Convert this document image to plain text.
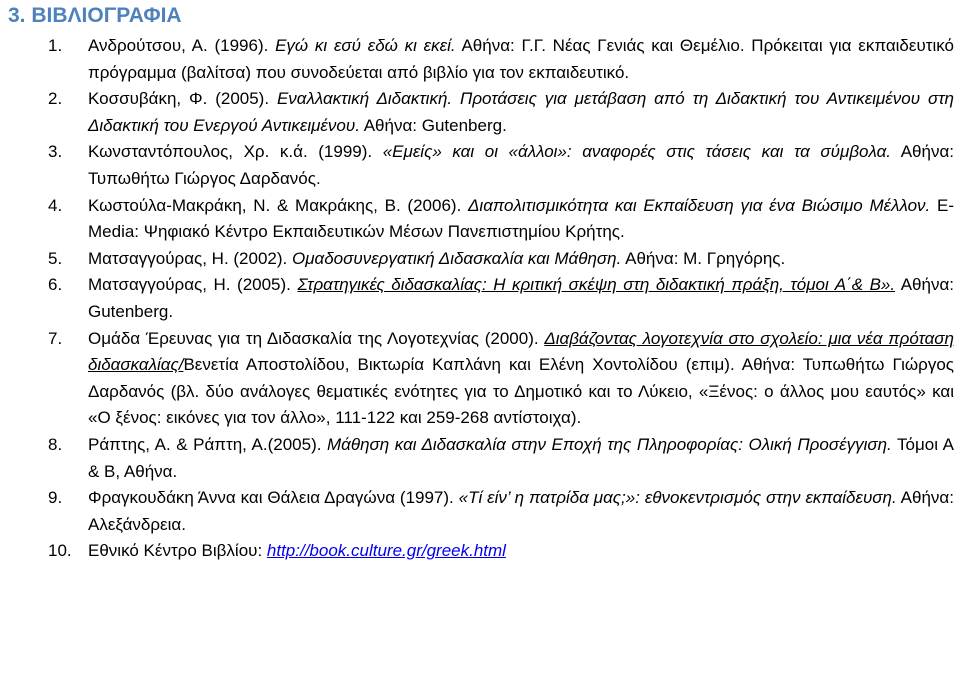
3. ΒΙΒΛΙΟΓΡΑΦΙΑ
1.	Ανδρούτσου, Α. (1996). Εγώ κι εσύ εδώ κι εκεί. Αθήνα: Γ.Γ. Νέας Γενιάς και Θεμέλιο. Πρόκειται για εκπαιδευτικό πρόγραμμα (βαλίτσα) που συνοδεύεται από βιβλίο για τον εκπαιδευτικό.
2.	Κοσσυβάκη, Φ. (2005). Εναλλακτική Διδακτική. Προτάσεις για μετάβαση από τη Διδακτική του Αντικειμένου στη Διδακτική του Ενεργού Αντικειμένου. Αθήνα: Gutenberg.
3.	Κωνσταντόπουλος, Χρ. κ.ά. (1999). «Εμείς» και οι «άλλοι»: αναφορές στις τάσεις και τα σύμβολα. Αθήνα: Τυπωθήτω Γιώργος Δαρδανός.
4.	Κωστούλα-Μακράκη, Ν. & Μακράκης, Β. (2006). Διαπολιτισμικότητα και Εκπαίδευση για ένα Βιώσιμο Μέλλον. E-Media: Ψηφιακό Κέντρο Εκπαιδευτικών Μέσων Πανεπιστημίου Κρήτης.
5.	Ματσαγγούρας, Η. (2002). Ομαδοσυνεργατική Διδασκαλία και Μάθηση. Αθήνα: Μ. Γρηγόρης.
6.	Ματσαγγούρας, Η. (2005). Στρατηγικές διδασκαλίας: Η κριτική σκέψη στη διδακτική πράξη, τόμοι Α΄& Β». Αθήνα: Gutenberg.
7.	Ομάδα Έρευνας για τη Διδασκαλία της Λογοτεχνίας (2000). Διαβάζοντας λογοτεχνία στο σχολείο: μια νέα πρόταση διδασκαλίας/Βενετία Αποστολίδου, Βικτωρία Καπλάνη και Ελένη Χοντολίδου (επιμ). Αθήνα: Τυπωθήτω Γιώργος Δαρδανός (βλ. δύο ανάλογες θεματικές ενότητες για το Δημοτικό και το Λύκειο, «Ξένος: ο άλλος μου εαυτός» και «Ο ξένος: εικόνες για τον άλλο», 111-122 και 259-268 αντίστοιχα).
8.	Ράπτης, Α. & Ράπτη, Α.(2005). Μάθηση και Διδασκαλία στην Εποχή της Πληροφορίας: Ολική Προσέγγιση. Τόμοι Α & Β, Αθήνα.
9.	Φραγκουδάκη Άννα και Θάλεια Δραγώνα (1997). «Τί είν’ η πατρίδα μας;»: εθνοκεντρισμός στην εκπαίδευση. Αθήνα: Αλεξάνδρεια.
10. Εθνικό Κέντρο Βιβλίου: http://book.culture.gr/greek.html
